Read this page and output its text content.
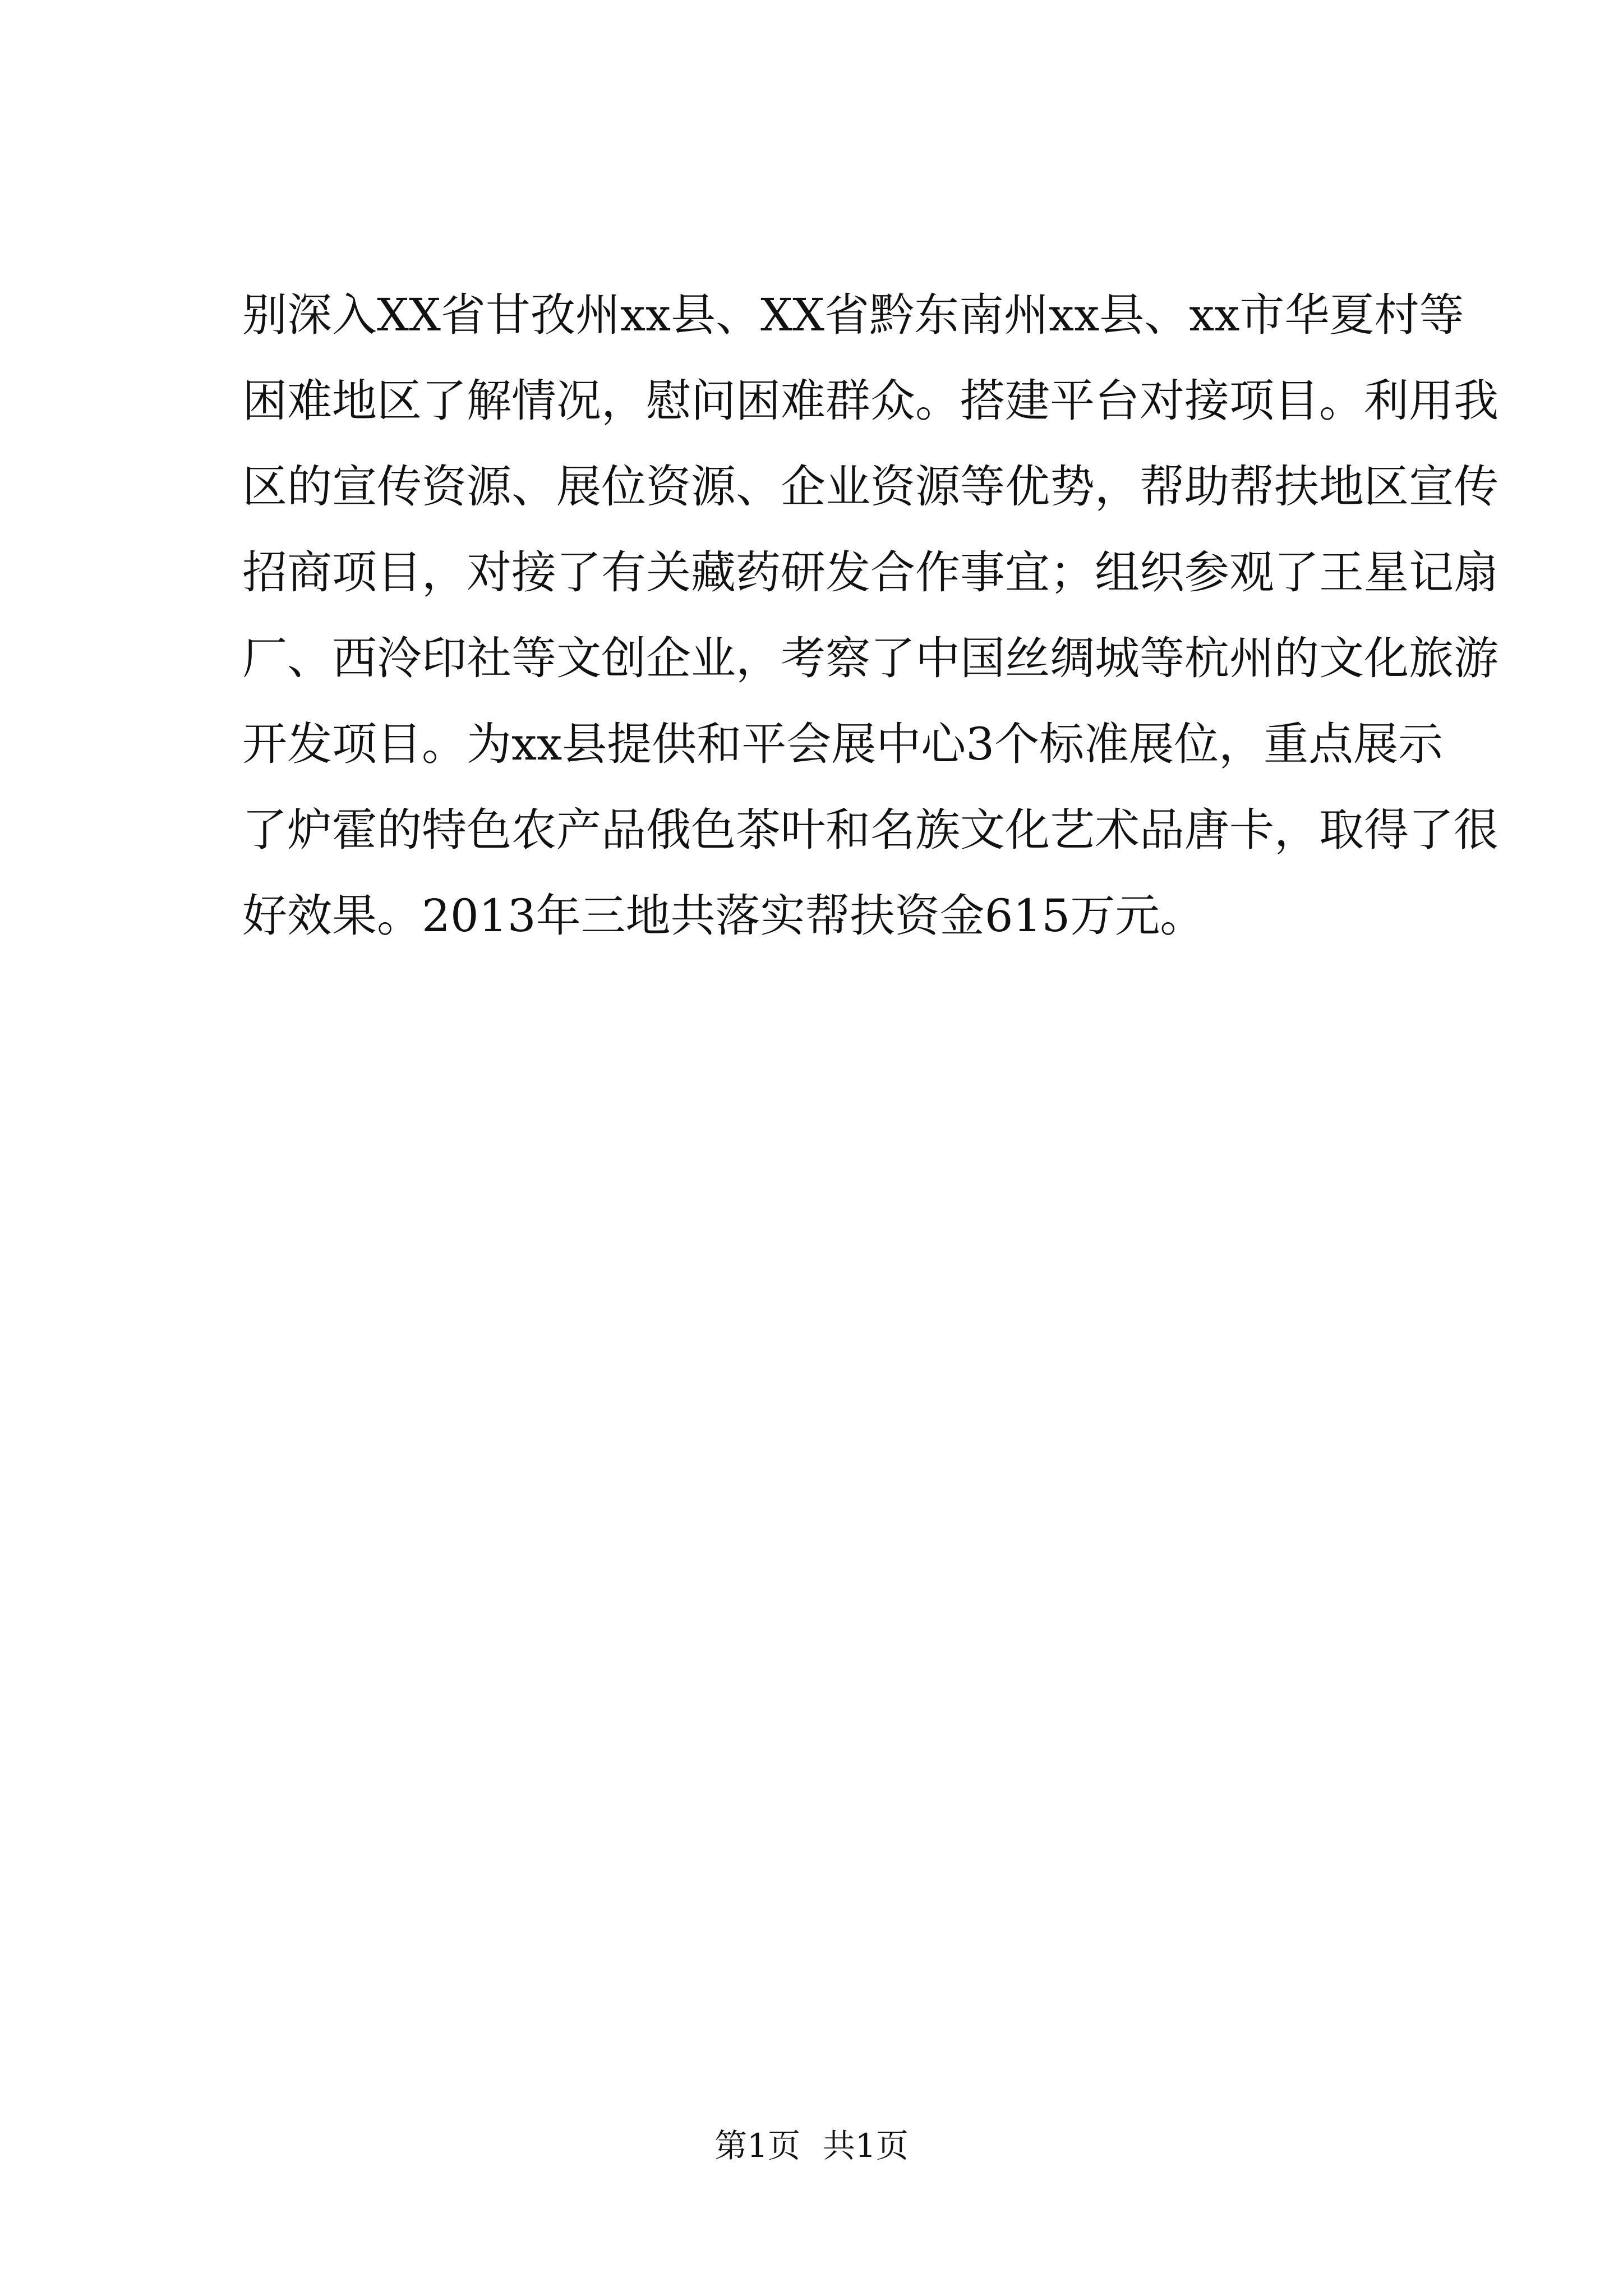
别深入XX省甘孜州xx县、XX省黔东南州xx县、xx市华夏村等
困难地区了解情况，慰问困难群众。搭建平台对接项目。利用我
区的宣传资源、展位资源、企业资源等优势，帮助帮扶地区宣传
招商项目，对接了有关藏药研发合作事宜；组织参观了王星记扇
厂、西泠印社等文创企业，考察了中国丝绸城等杭州的文化旅游
开发项目。为xx县提供和平会展中心3个标准展位，重点展示
了炉霍的特色农产品俄色茶叶和名族文化艺术品唐卡，取得了很
好效果。2013年三地共落实帮扶资金615万元。
第1页 共1页
